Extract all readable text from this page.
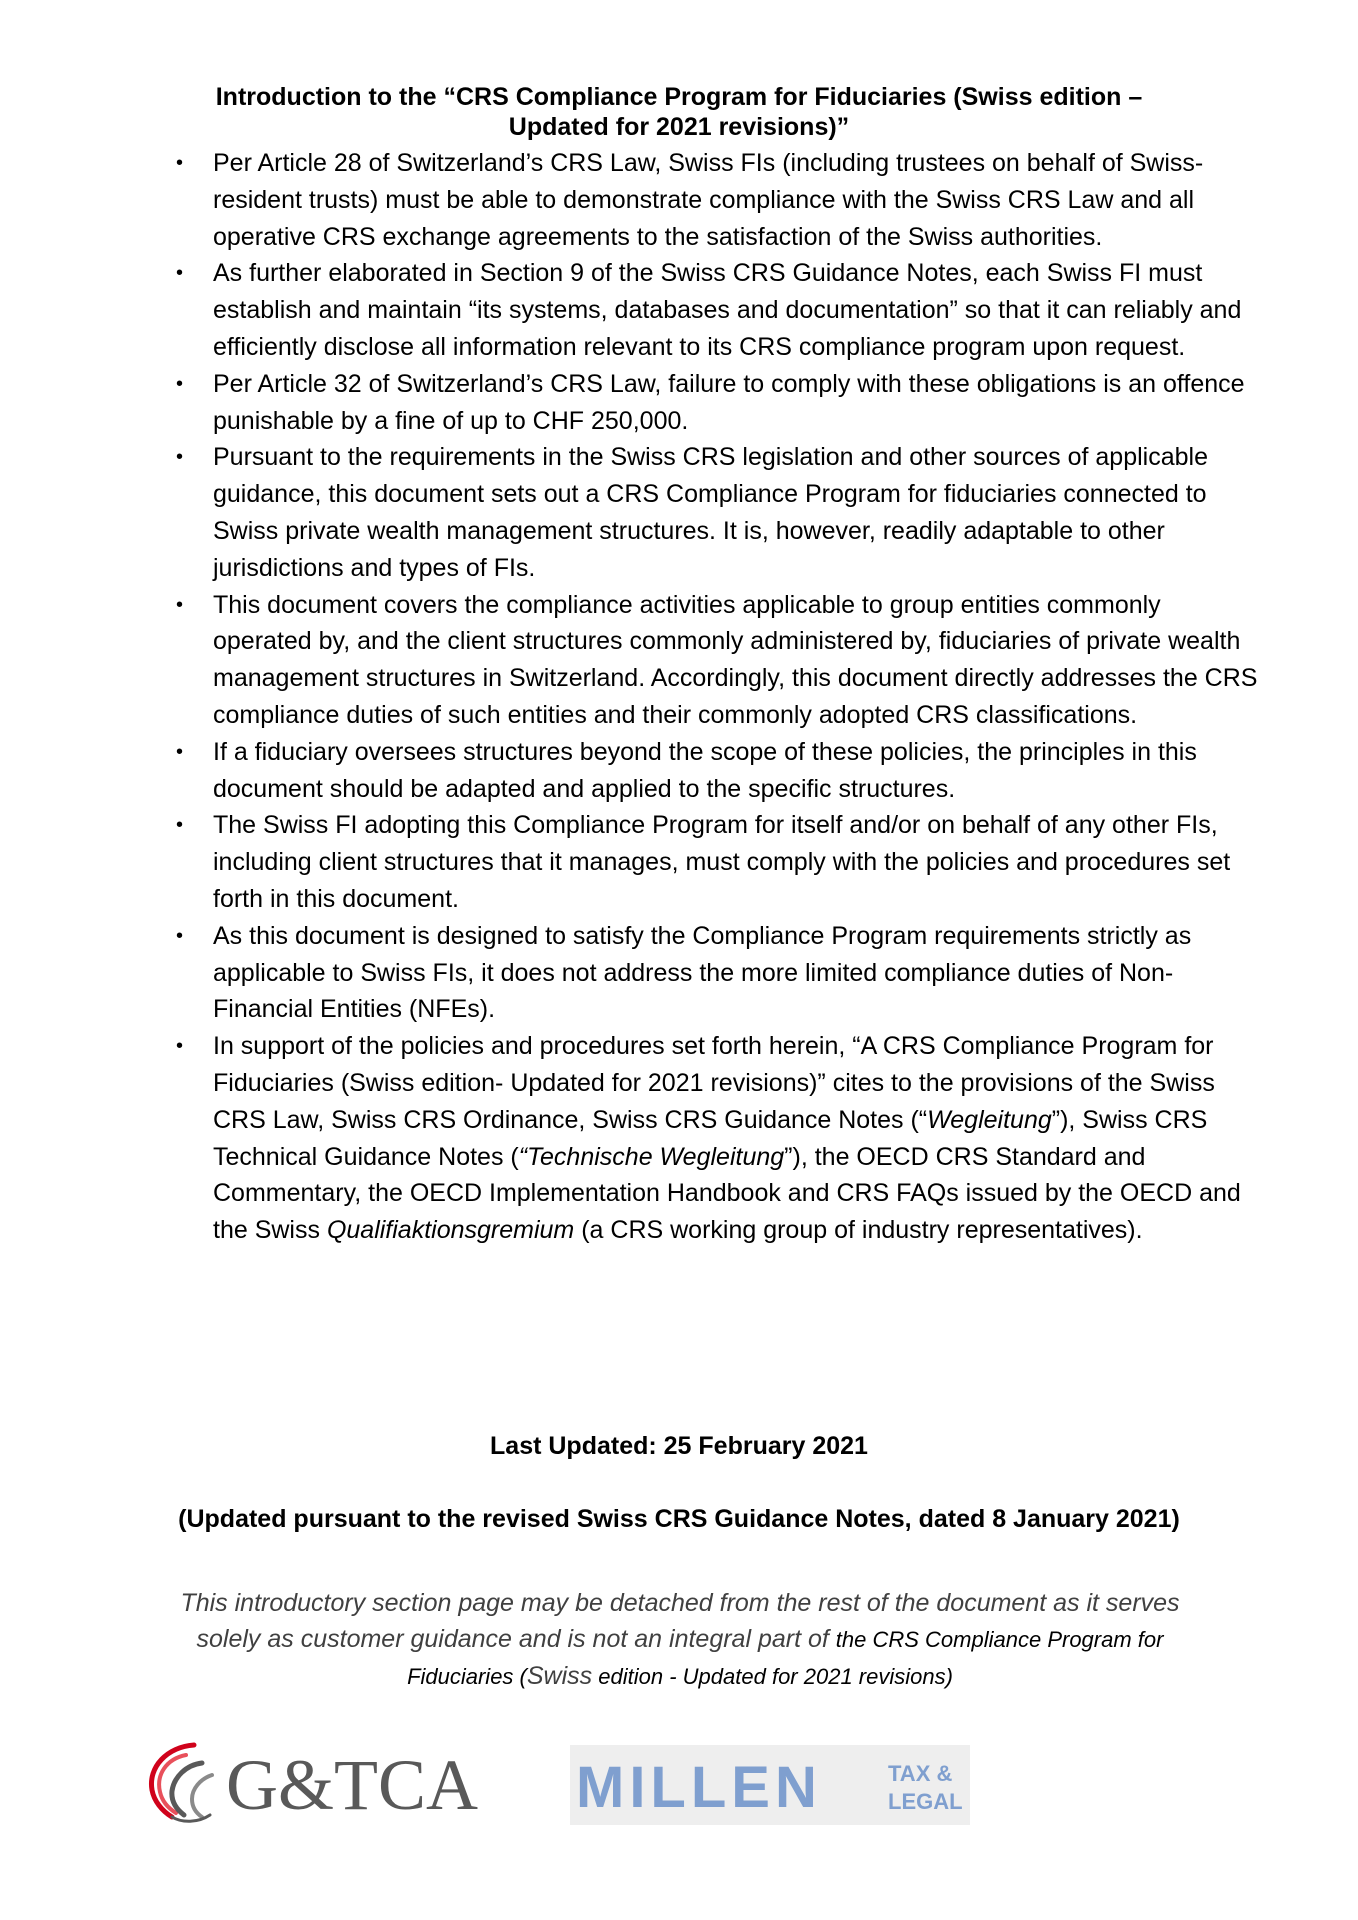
Introduction to the “CRS Compliance Program for Fiduciaries (Swiss edition –
Updated for 2021 revisions)”
• Per Article 28 of Switzerland’s CRS Law, Swiss FIs (including trustees on behalf of Swiss-resident trusts) must be able to demonstrate compliance with the Swiss CRS Law and all operative CRS exchange agreements to the satisfaction of the Swiss authorities.
• As further elaborated in Section 9 of the Swiss CRS Guidance Notes, each Swiss FI must establish and maintain “its systems, databases and documentation” so that it can reliably and efficiently disclose all information relevant to its CRS compliance program upon request.
• Per Article 32 of Switzerland’s CRS Law, failure to comply with these obligations is an offence punishable by a fine of up to CHF 250,000.
• Pursuant to the requirements in the Swiss CRS legislation and other sources of applicable guidance, this document sets out a CRS Compliance Program for fiduciaries connected to Swiss private wealth management structures. It is, however, readily adaptable to other jurisdictions and types of FIs.
• This document covers the compliance activities applicable to group entities commonly operated by, and the client structures commonly administered by, fiduciaries of private wealth management structures in Switzerland. Accordingly, this document directly addresses the CRS compliance duties of such entities and their commonly adopted CRS classifications.
• If a fiduciary oversees structures beyond the scope of these policies, the principles in this document should be adapted and applied to the specific structures.
• The Swiss FI adopting this Compliance Program for itself and/or on behalf of any other FIs, including client structures that it manages, must comply with the policies and procedures set forth in this document.
• As this document is designed to satisfy the Compliance Program requirements strictly as applicable to Swiss FIs, it does not address the more limited compliance duties of Non-Financial Entities (NFEs).
• In support of the policies and procedures set forth herein, “A CRS Compliance Program for Fiduciaries (Swiss edition- Updated for 2021 revisions)” cites to the provisions of the Swiss CRS Law, Swiss CRS Ordinance, Swiss CRS Guidance Notes (“Wegleitung”), Swiss CRS Technical Guidance Notes (“Technische Wegleitung”), the OECD CRS Standard and Commentary, the OECD Implementation Handbook and CRS FAQs issued by the OECD and the Swiss Qualifiaktionsgremium (a CRS working group of industry representatives).
Last Updated: 25 February 2021
(Updated pursuant to the revised Swiss CRS Guidance Notes, dated 8 January 2021)
This introductory section page may be detached from the rest of the document as it serves solely as customer guidance and is not an integral part of the CRS Compliance Program for Fiduciaries (Swiss edition - Updated for 2021 revisions)
G&TCA MILLEN	TAX &
LEGAL
